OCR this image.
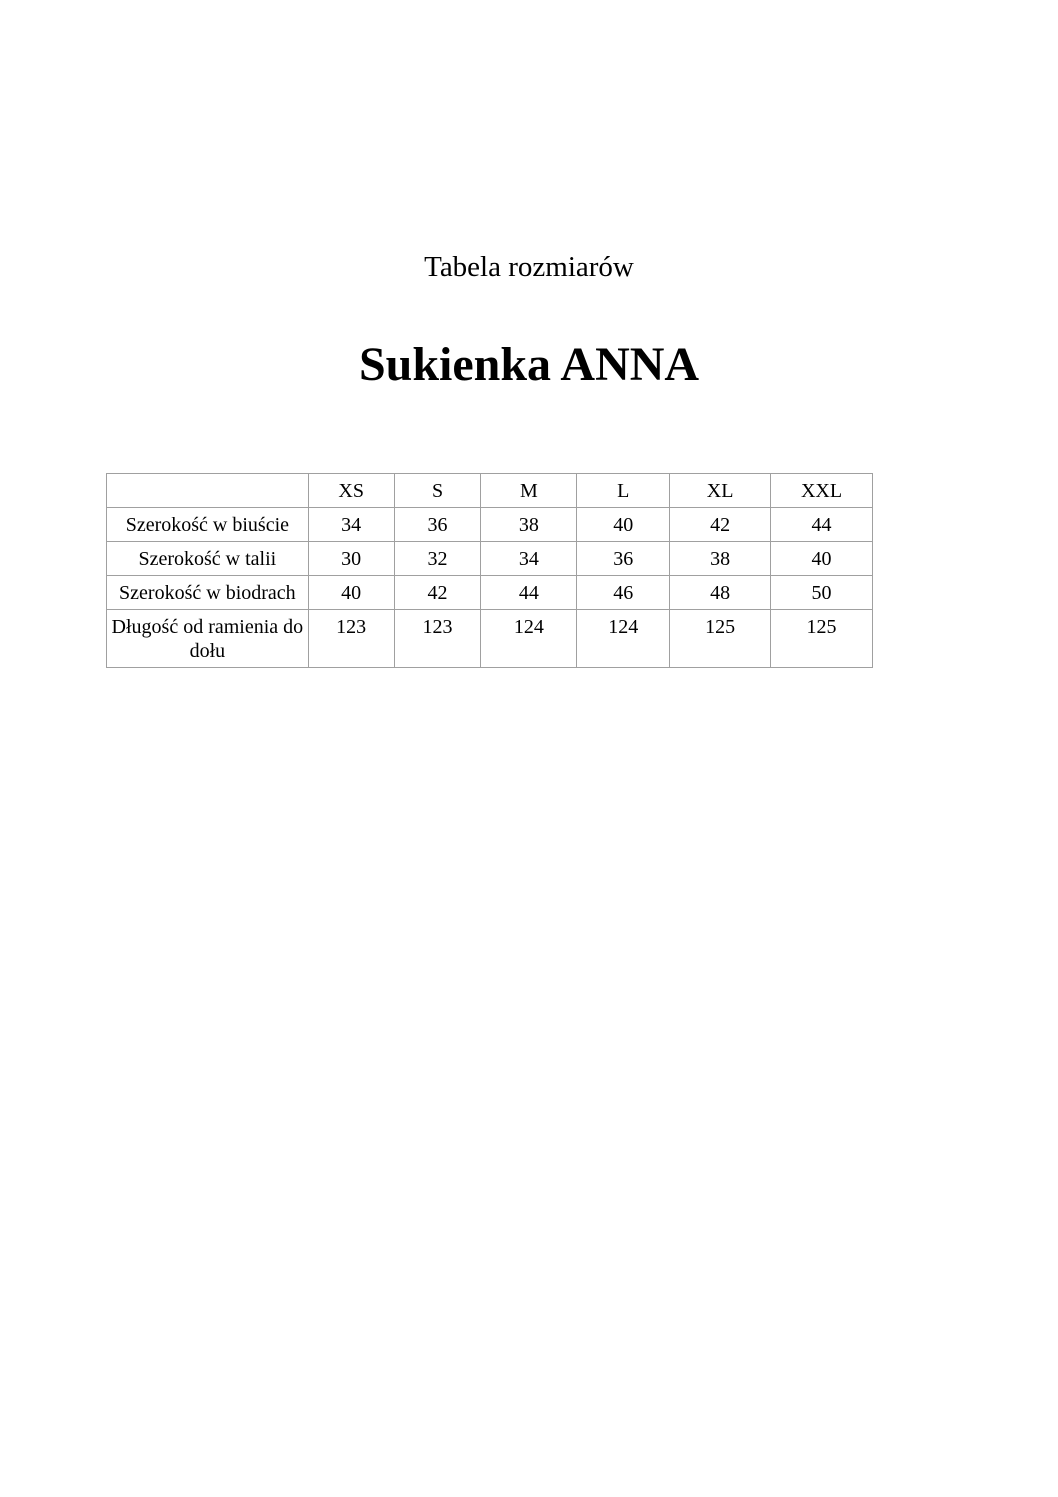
Tabela rozmiarów
Sukienka ANNA
	XS	S	M	L	XL	XXL
Szerokość w biuście	34	36	38	40	42	44
Szerokość w talii	30	32	34	36	38	40
Szerokość w biodrach	40	42	44	46	48	50
Długość od ramienia do dołu	123	123	124	124	125	125
